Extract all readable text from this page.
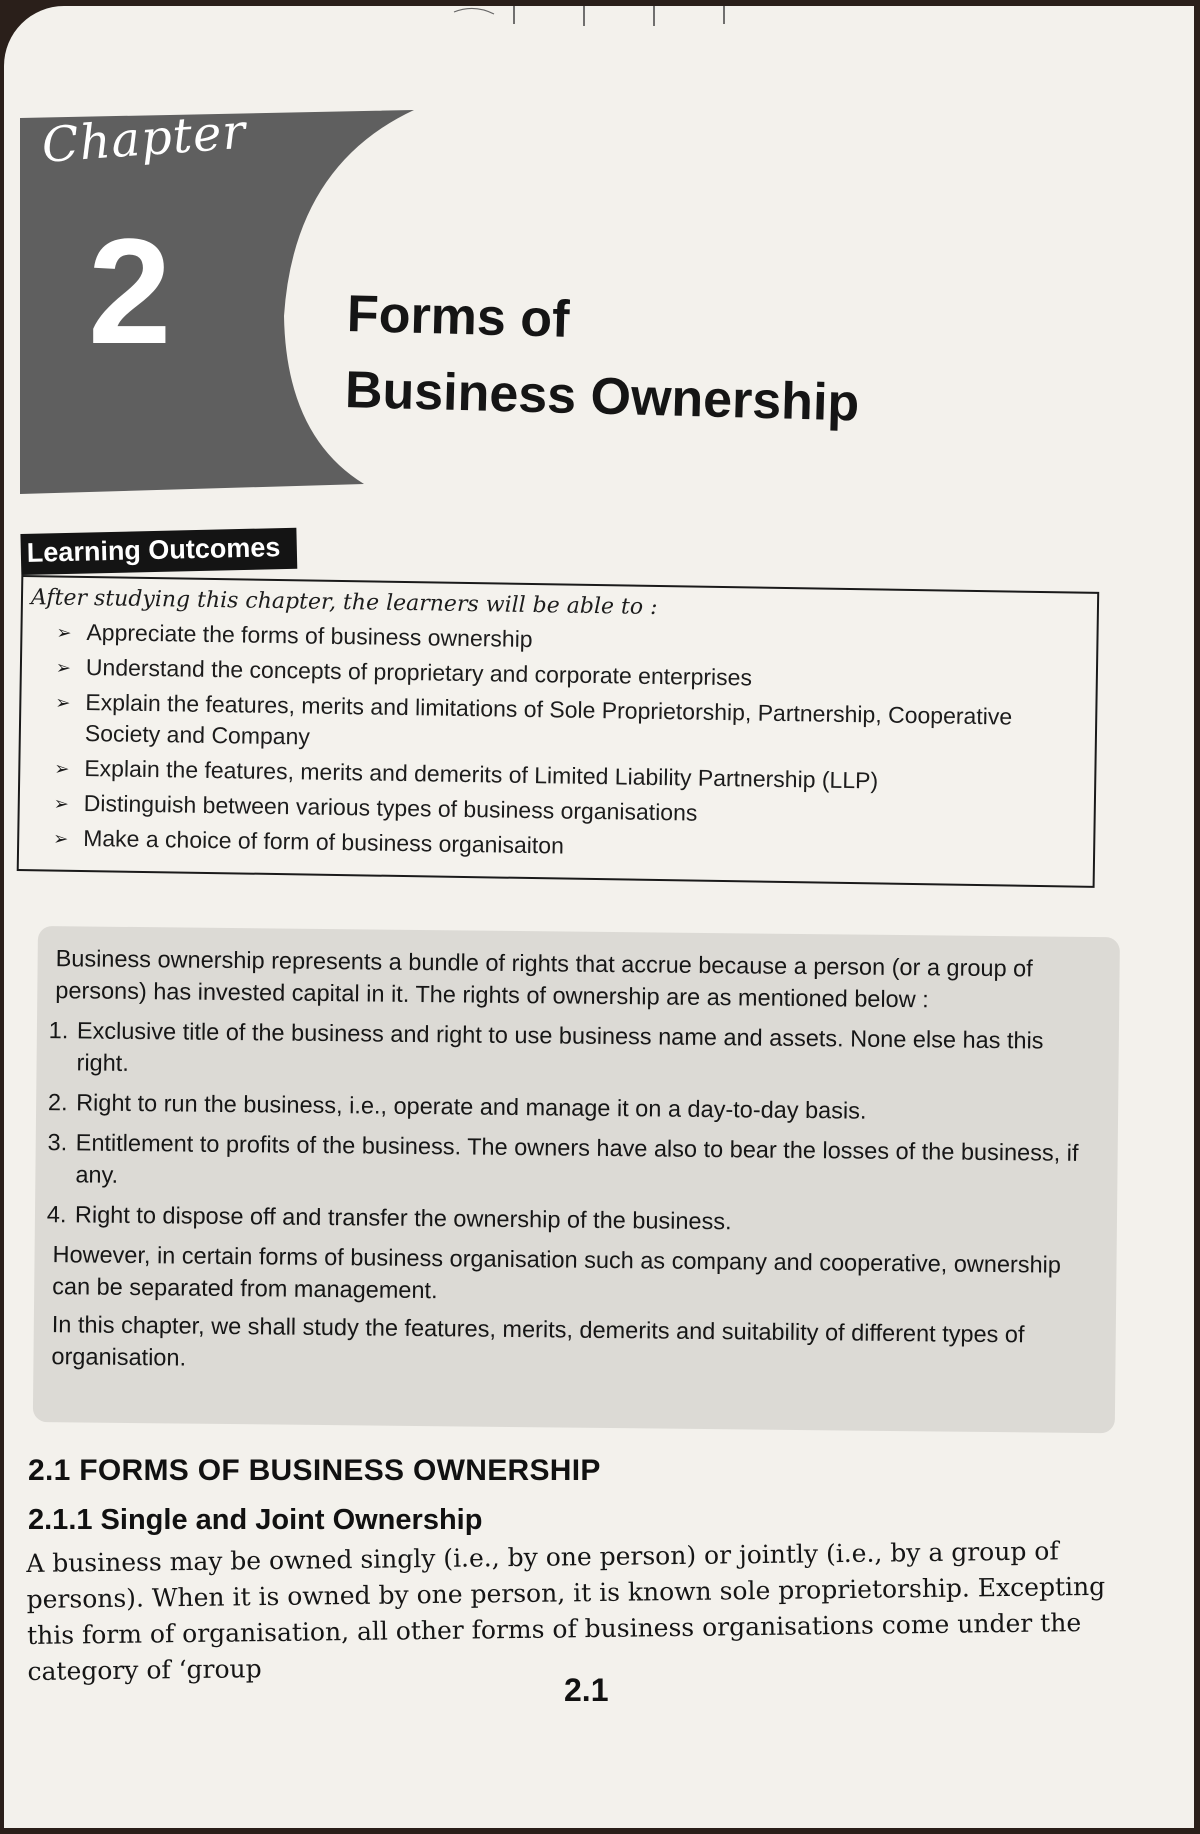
Chapter
2	Forms of
Business Ownership
Learning Outcomes
After studying this chapter, the learners will be able to :
➢ Appreciate the forms of business ownership
➢ Understand the concepts of proprietary and corporate enterprises
➢ Explain the features, merits and limitations of Sole Proprietorship, Partnership, Cooperative Society and Company
➢ Explain the features, merits and demerits of Limited Liability Partnership (LLP)
➢ Distinguish between various types of business organisations
➢ Make a choice of form of business organisaiton

Business ownership represents a bundle of rights that accrue because a person (or a group of persons) has invested capital in it. The rights of ownership are as mentioned below :

1. Exclusive title of the business and right to use business name and assets. None else has this right.
2. Right to run the business, i.e., operate and manage it on a day-to-day basis.
3. Entitlement to profits of the business. The owners have also to bear the losses of the business, if any.
4. Right to dispose off and transfer the ownership of the business.

However, in certain forms of business organisation such as company and cooperative, ownership can be separated from management.

In this chapter, we shall study the features, merits, demerits and suitability of different types of organisation.

2.1 FORMS OF BUSINESS OWNERSHIP
2.1.1 Single and Joint Ownership
A business may be owned singly (i.e., by one person) or jointly (i.e., by a group of persons). When it is owned by one person, it is known sole proprietorship. Excepting this form of organisation, all other forms of business organisations come under the category of ‘group
2.1
